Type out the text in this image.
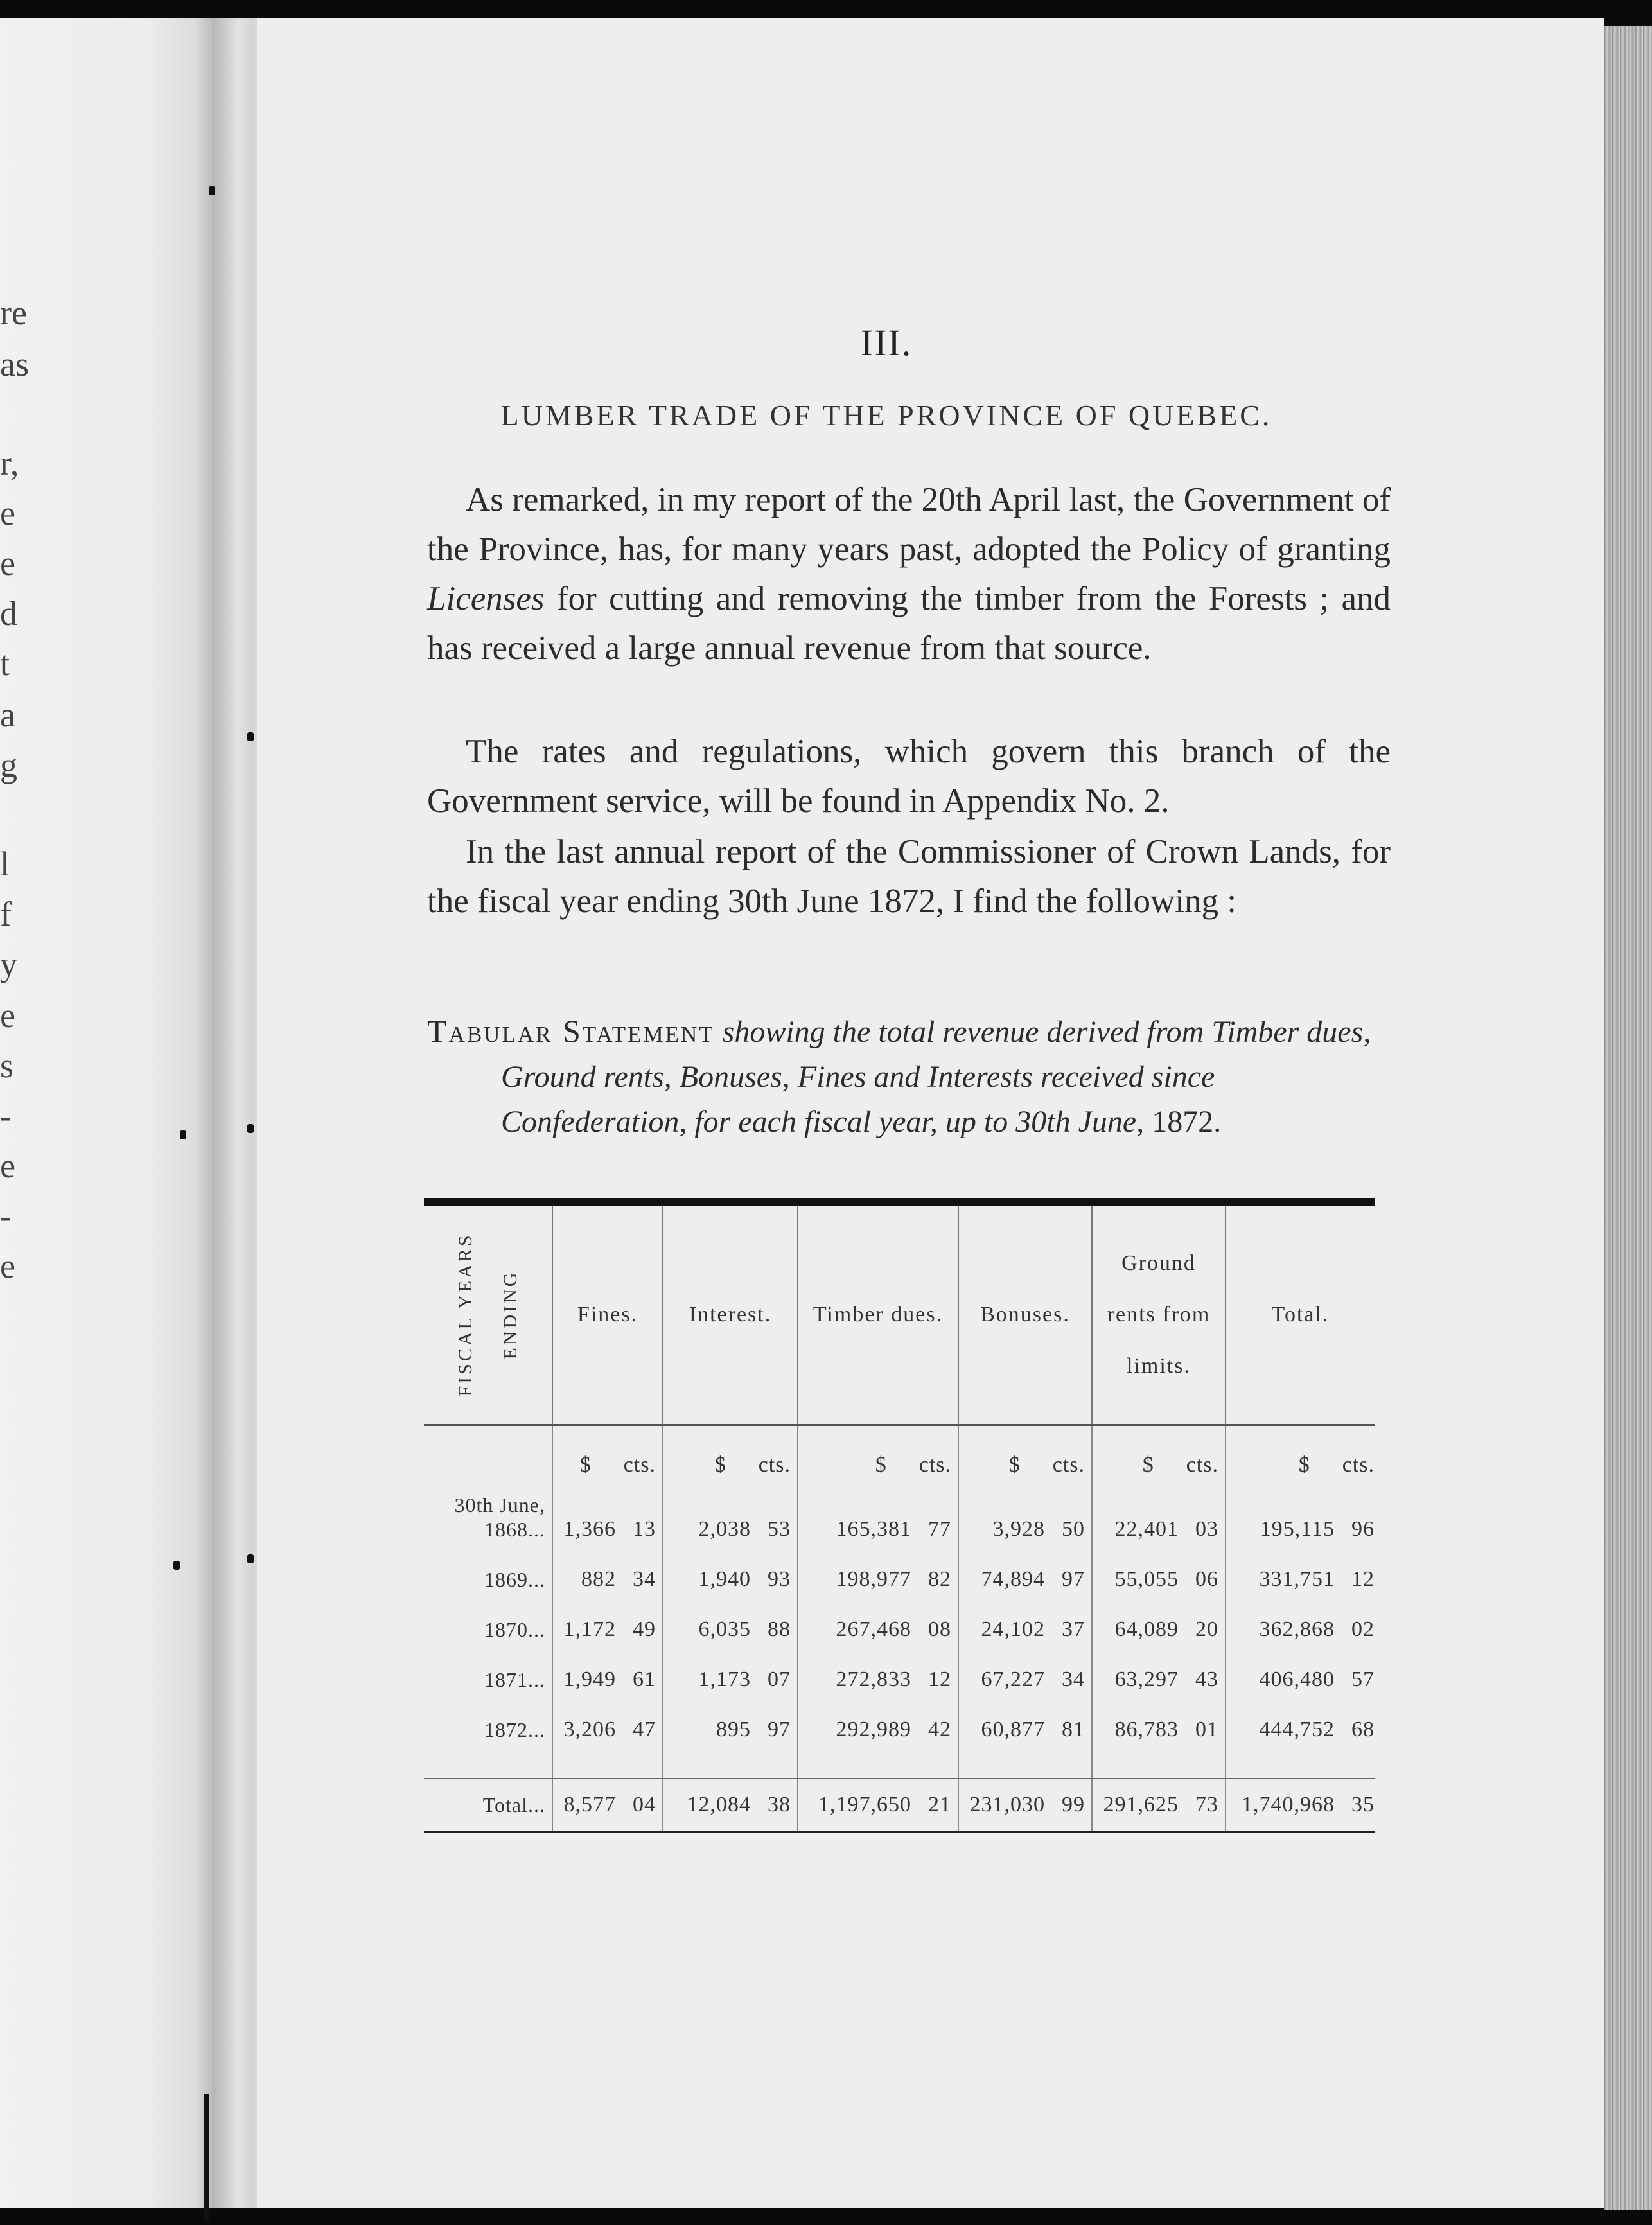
re
as
r,
e
e
d
t
a
g
l
f
y
e
s
-
e
-
e
III.
LUMBER TRADE OF THE PROVINCE OF QUEBEC.
As remarked, in my report of the 20th April last, the Government of the Province, has, for many years past, adopted the Policy of granting Licenses for cutting and removing the timber from the Forests ; and has received a large annual revenue from that source.
The rates and regulations, which govern this branch of the Government service, will be found in Appendix No. 2.
In the last annual report of the Commissioner of Crown Lands, for the fiscal year ending 30th June 1872, I find the following :
Tabular Statement showing the total revenue derived from Timber dues, Ground rents, Bonuses, Fines and Interests received since Confederation, for each fiscal year, up to 30th June, 1872.
FISCAL YEARS ENDING	Fines.	Interest.	Timber dues.	Bonuses.	Ground rents from limits.	Total.
	$ cts.	$ cts.	$ cts.	$ cts.	$ cts.	$ cts.
30th June,
1868...	1,366 13	2,038 53	165,381 77	3,928 50	22,401 03	195,115 96
1869...	882 34	1,940 93	198,977 82	74,894 97	55,055 06	331,751 12
1870...	1,172 49	6,035 88	267,468 08	24,102 37	64,089 20	362,868 02
1871...	1,949 61	1,173 07	272,833 12	67,227 34	63,297 43	406,480 57
1872...	3,206 47	895 97	292,989 42	60,877 81	86,783 01	444,752 68

Total...	8,577 04	12,084 38	1,197,650 21	231,030 99	291,625 73	1,740,968 35
